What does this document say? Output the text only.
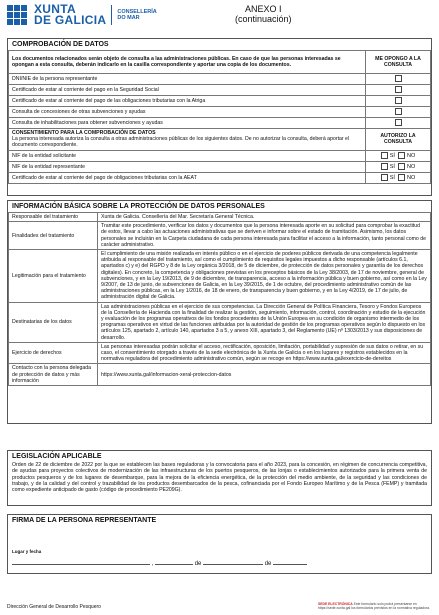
XUNTA
DE GALICIA
CONSELLERÍA
DO MAR
ANEXO I
(continuación)
COMPROBACIÓN DE DATOS
Los documentos relacionados serán objeto de consulta a las administraciones públicas. En caso de que las personas interesadas se opongan a esta consulta, deberán indicarlo en la casilla correspondiente y aportar una copia de los documentos.	ME OPONGO A LA CONSULTA
DNI/NIE de la persona representante	
Certificado de estar al corriente del pago en la Seguridad Social	
Certificado de estar al corriente del pago de las obligaciones tributarias con la Atriga	
Consulta de concesiones de otras subvenciones y ayudas	
Consulta de inhabilitaciones para obtener subvenciones y ayudas	

CONSENTIMIENTO PARA LA COMPROBACIÓN DE DATOS
La persona interesada autoriza la consulta a otras administraciones públicas de los siguientes datos. De no autorizar la consulta, deberá aportar el documento correspondiente.	AUTORIZO LA CONSULTA
NIF de la entidad solicitante	SÍ NO
NIF de la entidad representante	SÍ NO
Certificado de estar al corriente del pago de obligaciones tributarias con la AEAT	SÍ NO
INFORMACIÓN BÁSICA SOBRE LA PROTECCIÓN DE DATOS PERSONALES
Responsable del tratamiento	Xunta de Galicia. Consellería del Mar. Secretaría General Técnica.
Finalidades del tratamiento	Tramitar este procedimiento, verificar los datos y documentos que la persona interesada aporte en su solicitud para comprobar la exactitud de estos, llevar a cabo las actuaciones administrativas que se deriven e informar sobre el estado de tramitación. Asimismo, los datos personales se incluirán en la Carpeta ciudadana de cada persona interesada para facilitar el acceso a la información, tanto personal como de carácter administrativo.
Legitimación para el tratamiento	El cumplimiento de una misión realizada en interés público o en el ejercicio de poderes públicos derivada de una competencia legalmente atribuida al responsable del tratamiento, así como el cumplimiento de requisitos legales impuestos a dicho responsable (artículos 6.1, apartados c) y e) del RGPD y 8 de la Ley orgánica 3/2018, de 5 de diciembre, de protección de datos personales y garantía de los derechos digitales). En concreto, la competencia y obligaciones previstas en los preceptos básicos de la Ley 38/2003, de 17 de noviembre, general de subvenciones, y en la Ley 19/2013, de 9 de diciembre, de transparencia, acceso a la información pública y buen gobierno, así como en la Ley 9/2007, de 13 de junio, de subvenciones de Galicia, en la Ley 39/2015, de 1 de octubre, del procedimiento administrativo común de las administraciones públicas, en la Ley 1/2016, de 18 de enero, de transparencia y buen gobierno, y en la Ley 4/2019, de 17 de julio, de administración digital de Galicia.
Destinatarias de los datos	Las administraciones públicas en el ejercicio de sus competencias. La Dirección General de Política Financiera, Tesoro y Fondos Europeos de la Consellería de Hacienda con la finalidad de realizar la gestión, seguimiento, información, control, coordinación y estudio de la ejecución y evaluación de los programas operativos de los fondos procedentes de la Unión Europea en su condición de organismo intermedio de los programas operativos en virtud de las funciones atribuidas por la autoridad de gestión de los programas operativos según lo dispuesto en los artículos 125, apartado 2, artículo 140, apartados 3 a 5, y anexo XIII, apartado 3, del Reglamento (UE) nº 1303/2013 y sus disposiciones de desarrollo.
Ejercicio de derechos	Las personas interesadas podrán solicitar el acceso, rectificación, oposición, limitación, portabilidad y supresión de sus datos o retirar, en su caso, el consentimiento otorgado a través de la sede electrónica de la Xunta de Galicia o en los lugares y registros establecidos en la normativa reguladora del procedimiento administrativo común, según se recoge en https://www.xunta.gal/exercicio-de-dereitos
Contacto con la persona delegada de protección de datos y más información	https://www.xunta.gal/informacion-xeral-proteccion-datos
LEGISLACIÓN APLICABLE
Orden de 22 de diciembre de 2022 por la que se establecen las bases reguladoras y la convocatoria para el año 2023, para la concesión, en régimen de concurrencia competitiva, de ayudas para proyectos colectivos de modernización de las infraestructuras de los puertos pesqueros, de las lonjas o establecimientos autorizados para la primera venta de productos pesqueros y de los lugares de desembarque, para la mejora de la eficiencia energética, de la protección del medio ambiente, de la seguridad y las condiciones de trabajo, y de la calidad y del control y trazabilidad de los productos desembarcados de la pesca, cofinanciada por el Fondo Europeo Marítimo y de la Pesca (FEMP) y tramitada como expediente anticipado de gasto (código de procedimiento PE209G).
FIRMA DE LA PERSONA REPRESENTANTE
Lugar y fecha
,	de	de
Dirección General de Desarrollo Pesquero	SEDE ELECTRÓNICA Este formulario solo podrá presentarse en https://sede.xunta.gal los formularios previstos en la normativa reguladora.
